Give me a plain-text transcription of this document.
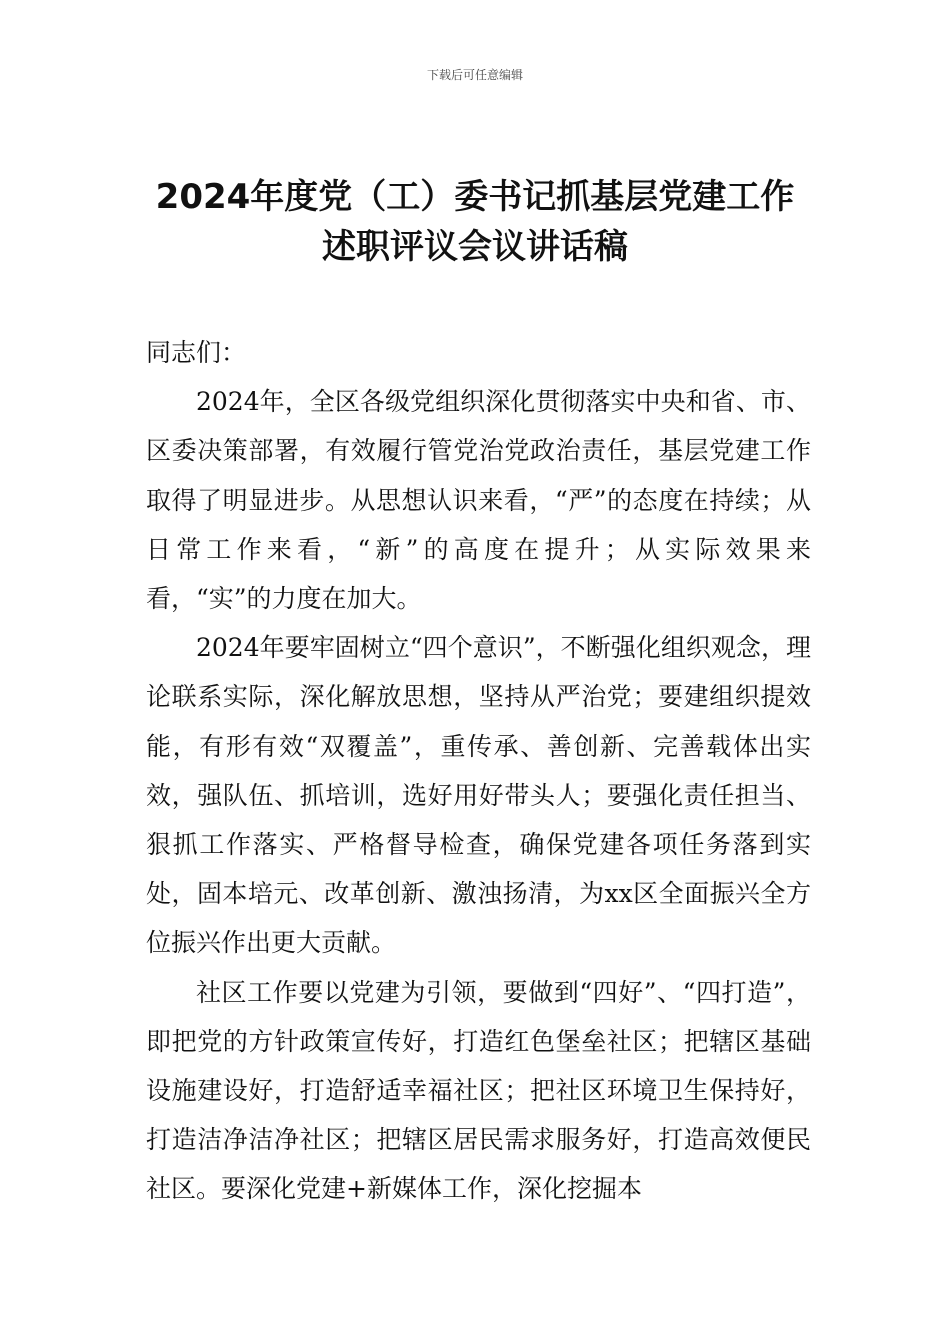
下载后可任意编辑
2024年度党（工）委书记抓基层党建工作
述职评议会议讲话稿

同志们：

2024年，全区各级党组织深化贯彻落实中央和省、市、区委决策部署，有效履行管党治党政治责任，基层党建工作取得了明显进步。从思想认识来看，“严”的态度在持续；从日常工作来看，“新”的高度在提升；从实际效果来看，“实”的力度在加大。

2024年要牢固树立“四个意识”，不断强化组织观念，理论联系实际，深化解放思想，坚持从严治党；要建组织提效能，有形有效“双覆盖”，重传承、善创新、完善载体出实效，强队伍、抓培训，选好用好带头人；要强化责任担当、狠抓工作落实、严格督导检查，确保党建各项任务落到实处，固本培元、改革创新、激浊扬清，为xx区全面振兴全方位振兴作出更大贡献。

社区工作要以党建为引领，要做到“四好”、“四打造”，即把党的方针政策宣传好，打造红色堡垒社区；把辖区基础设施建设好，打造舒适幸福社区；把社区环境卫生保持好，打造洁净洁净社区；把辖区居民需求服务好，打造高效便民社区。要深化党建+新媒体工作，深化挖掘本
